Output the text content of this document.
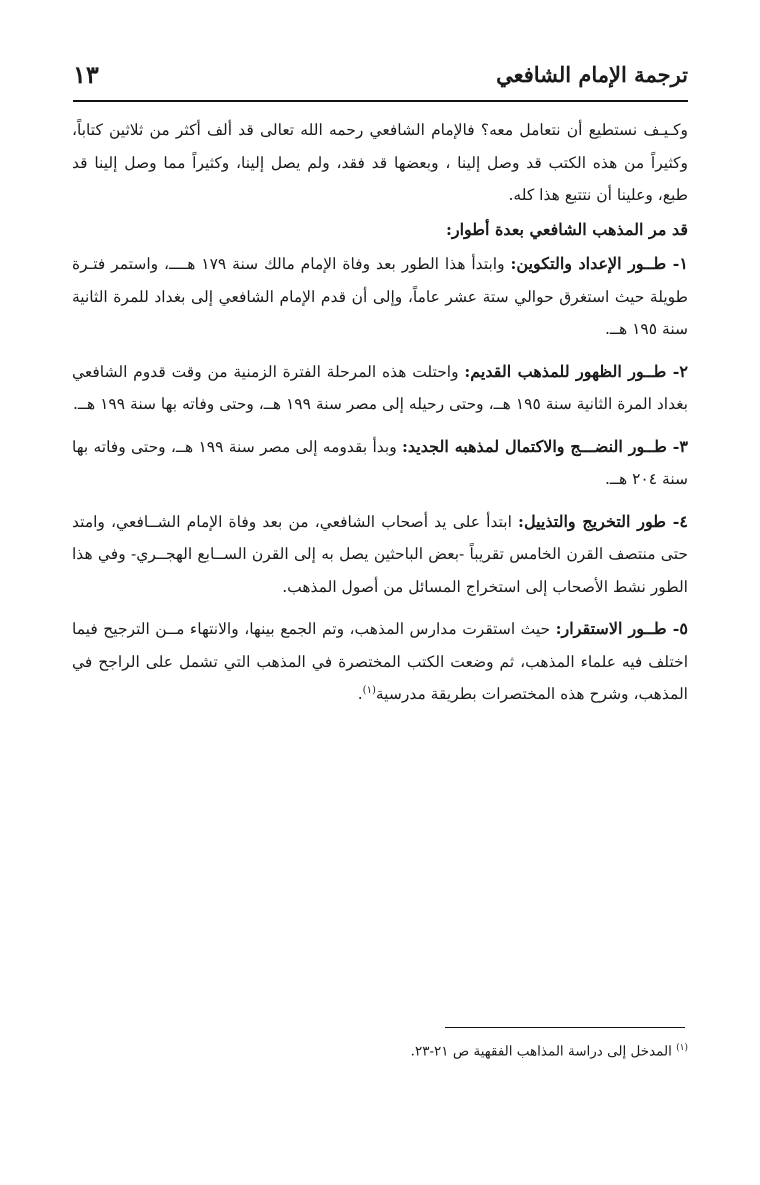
ترجمة الإمام الشافعي
١٣

وكـيـف نستطيع أن نتعامل معه؟ فالإمام الشافعي رحمه الله تعالى قد ألف أكثر من ثلاثين كتاباً، وكثيراً من هذه الكتب قد وصل إلينا ، وبعضها قد فقد، ولم يصل إلينا، وكثيراً مما وصل إلينا قد طبع، وعلينا أن نتتبع هذا كله.

قد مر المذهب الشافعي بعدة أطوار:

١- طــور الإعداد والتكوين: وابتدأ هذا الطور بعد وفاة الإمام مالك سنة ١٧٩ هــــ، واستمر فتـرة طويلة حيث استغرق حوالي ستة عشر عاماً، وإلى أن قدم الإمام الشافعي إلى بغداد للمرة الثانية سنة ١٩٥ هــ.

٢- طــور الظهور للمذهب القديم: واحتلت هذه المرحلة الفترة الزمنية من وقت قدوم الشافعي بغداد المرة الثانية سنة ١٩٥ هــ، وحتى رحيله إلى مصر سنة ١٩٩ هــ، وحتى وفاته بها سنة ١٩٩ هــ.

٣- طــور النضـــج والاكتمال لمذهبه الجديد: وبدأ بقدومه إلى مصر سنة ١٩٩ هــ، وحتى وفاته بها سنة ٢٠٤ هــ.

٤- طور التخريج والتذييل: ابتدأ على يد أصحاب الشافعي، من بعد وفاة الإمام الشــافعي، وامتد حتى منتصف القرن الخامس تقريباً -بعض الباحثين يصل به إلى القرن الســابع الهجــري- وفي هذا الطور نشط الأصحاب إلى استخراج المسائل من أصول المذهب.

٥- طــور الاستقرار: حيث استقرت مدارس المذهب، وتم الجمع بينها، والانتهاء مــن الترجيح فيما اختلف فيه علماء المذهب، ثم وضعت الكتب المختصرة في المذهب التي تشمل على الراجح في المذهب، وشرح هذه المختصرات بطريقة مدرسية$^{(١)}$.

$^{(١)}$ المدخل إلى دراسة المذاهب الفقهية ص ٢١-٢٣.
